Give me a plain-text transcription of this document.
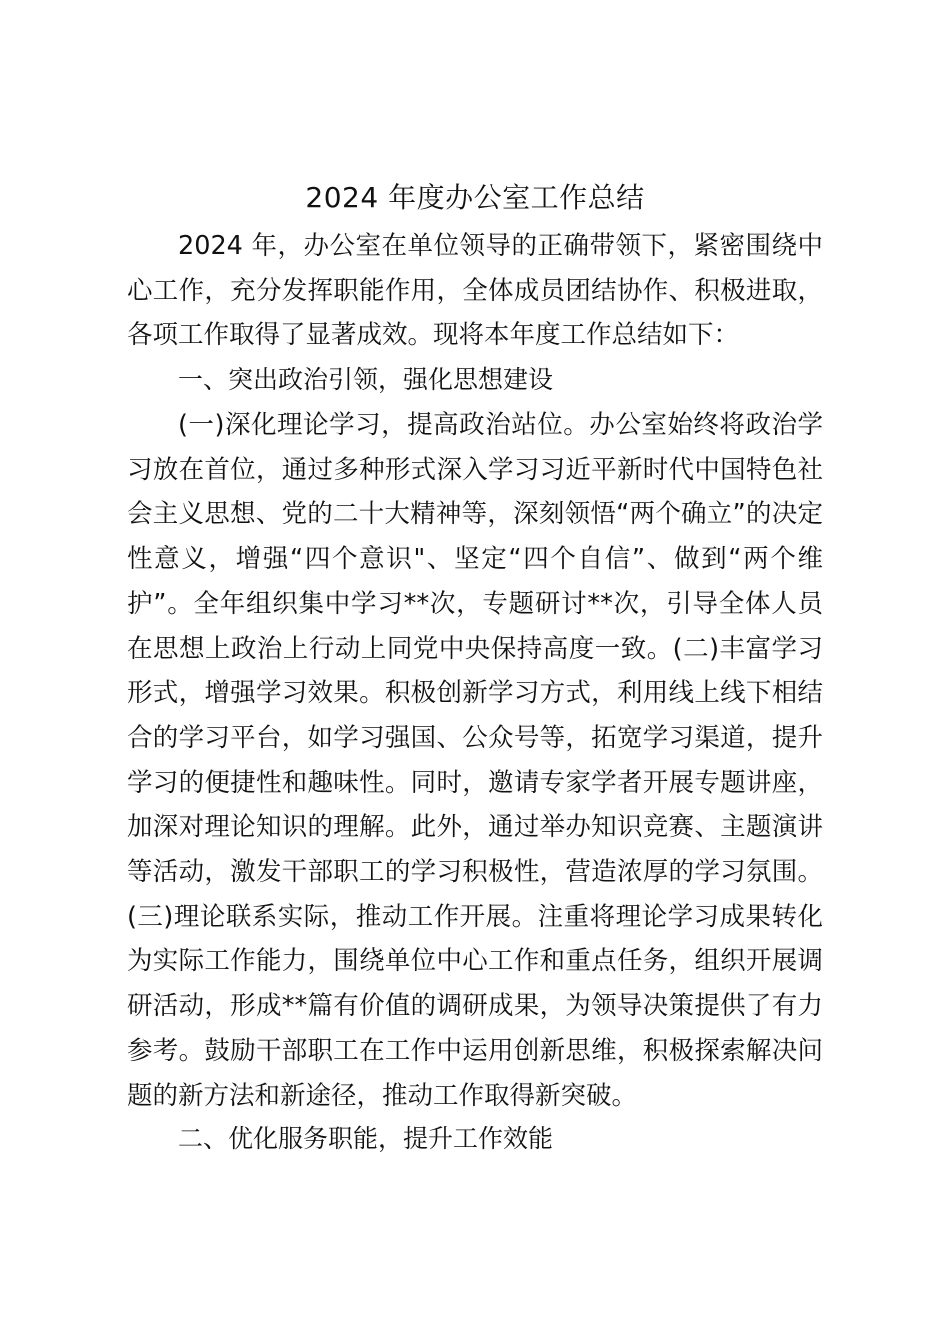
2024 年度办公室工作总结

2024 年，办公室在单位领导的正确带领下，紧密围绕中心工作，充分发挥职能作用，全体成员团结协作、积极进取，各项工作取得了显著成效。现将本年度工作总结如下：

一、突出政治引领，强化思想建设

(一)深化理论学习，提高政治站位。办公室始终将政治学习放在首位，通过多种形式深入学习习近平新时代中国特色社会主义思想、党的二十大精神等，深刻领悟“两个确立”的决定性意义，增强“四个意识"、坚定“四个自信”、做到“两个维护”。全年组织集中学习**次，专题研讨**次，引导全体人员在思想上政治上行动上同党中央保持高度一致。(二)丰富学习形式，增强学习效果。积极创新学习方式，利用线上线下相结合的学习平台，如学习强国、公众号等，拓宽学习渠道，提升学习的便捷性和趣味性。同时，邀请专家学者开展专题讲座，加深对理论知识的理解。此外，通过举办知识竞赛、主题演讲等活动，激发干部职工的学习积极性，营造浓厚的学习氛围。(三)理论联系实际，推动工作开展。注重将理论学习成果转化为实际工作能力，围绕单位中心工作和重点任务，组织开展调研活动，形成**篇有价值的调研成果，为领导决策提供了有力参考。鼓励干部职工在工作中运用创新思维，积极探索解决问题的新方法和新途径，推动工作取得新突破。

二、优化服务职能，提升工作效能
